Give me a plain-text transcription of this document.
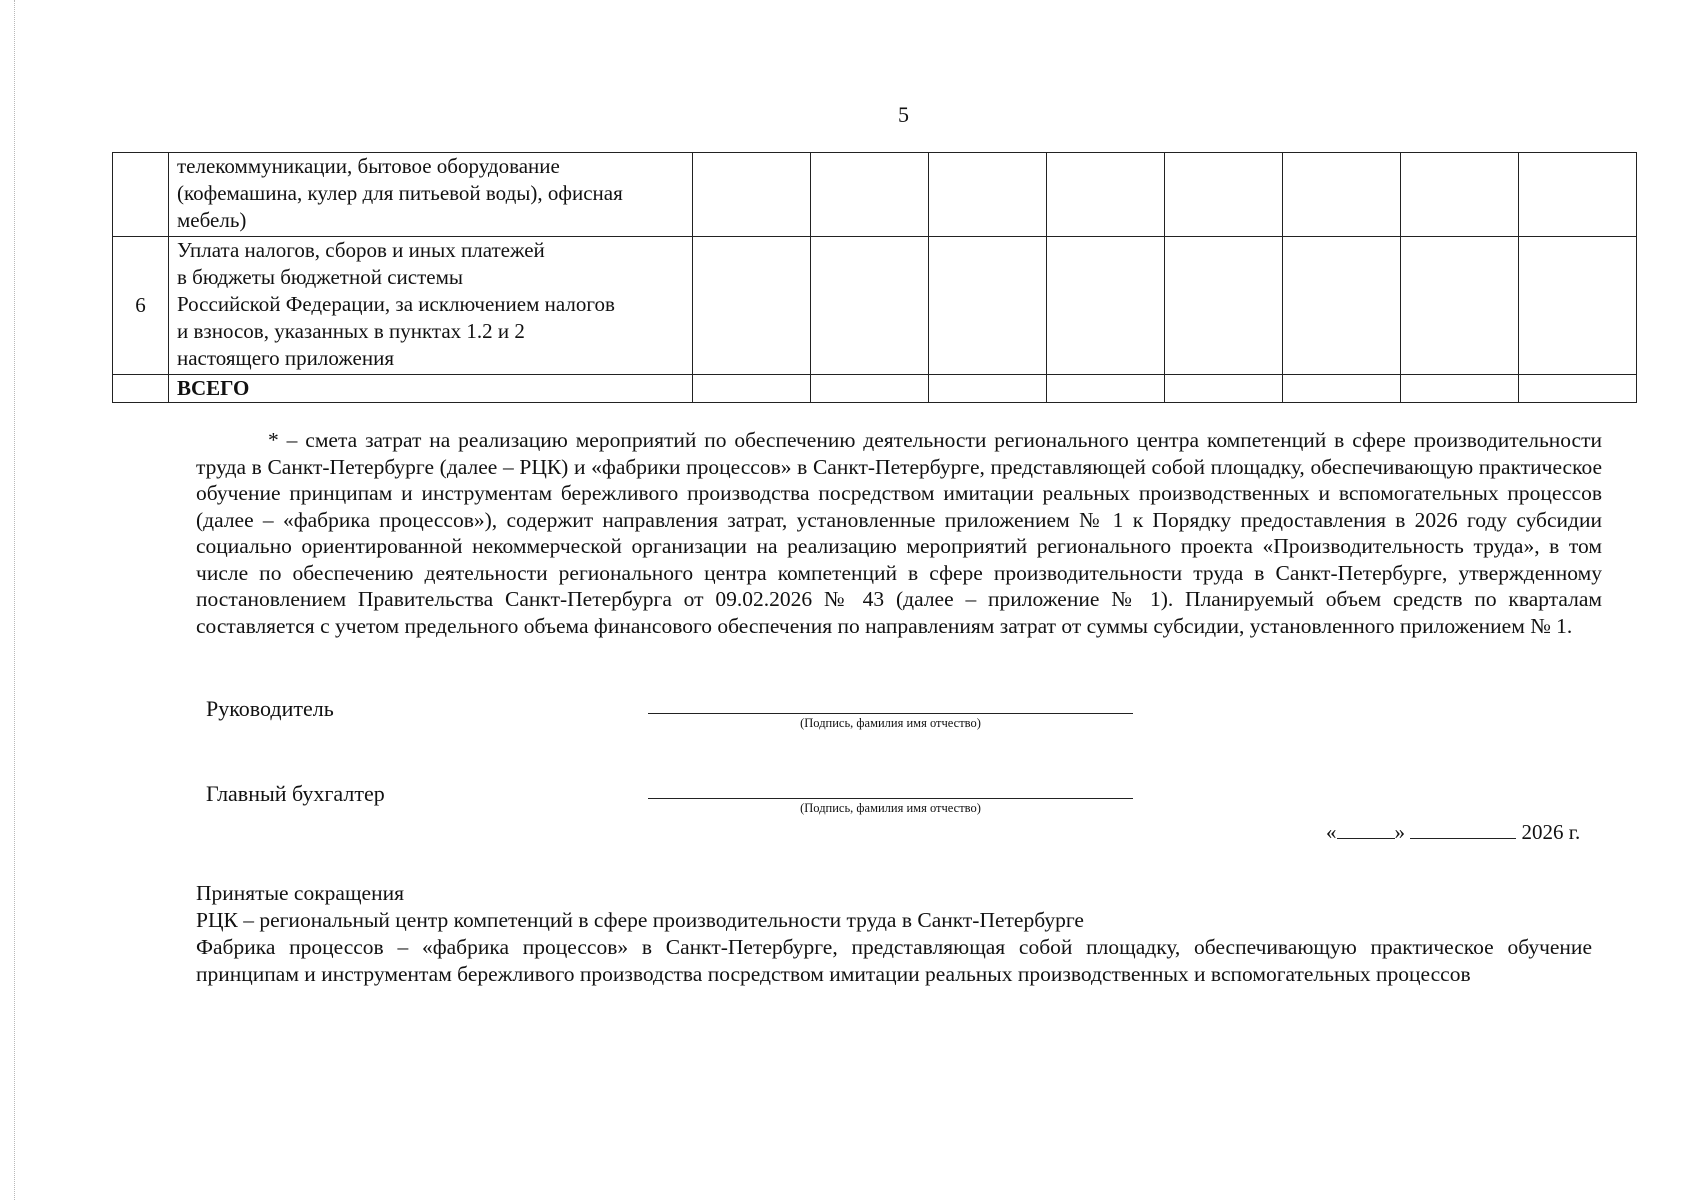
5

	телекоммуникации, бытовое оборудование
(кофемашина, кулер для питьевой воды), офисная
мебель)								

6	Уплата налогов, сборов и иных платежей
в бюджеты бюджетной системы
Российской Федерации, за исключением налогов
и взносов, указанных в пунктах 1.2 и 2
настоящего приложения								

	ВСЕГО								

* – смета затрат на реализацию мероприятий по обеспечению деятельности регионального центра компетенций в сфере производительности труда в Санкт-Петербурге (далее – РЦК) и «фабрики процессов» в Санкт-Петербурге, представляющей собой площадку, обеспечивающую практическое обучение принципам и инструментам бережливого производства посредством имитации реальных производственных и вспомогательных процессов (далее – «фабрика процессов»), содержит направления затрат, установленные приложением № 1 к Порядку предоставления в 2026 году субсидии социально ориентированной некоммерческой организации на реализацию мероприятий регионального проекта «Производительность труда», в том числе по обеспечению деятельности регионального центра компетенций в сфере производительности труда в Санкт-Петербурге, утвержденному постановлением Правительства Санкт-Петербурга от 09.02.2026 № 43 (далее – приложение № 1). Планируемый объем средств по кварталам составляется с учетом предельного объема финансового обеспечения по направлениям затрат от суммы субсидии, установленного приложением № 1.

Руководитель
(Подпись, фамилия имя отчество)
Главный бухгалтер
(Подпись, фамилия имя отчество)
«	»	2026 г.

Принятые сокращения

РЦК – региональный центр компетенций в сфере производительности труда в Санкт-Петербурге

Фабрика процессов – «фабрика процессов» в Санкт-Петербурге, представляющая собой площадку, обеспечивающую практическое обучение принципам и инструментам бережливого производства посредством имитации реальных производственных и вспомогательных процессов
